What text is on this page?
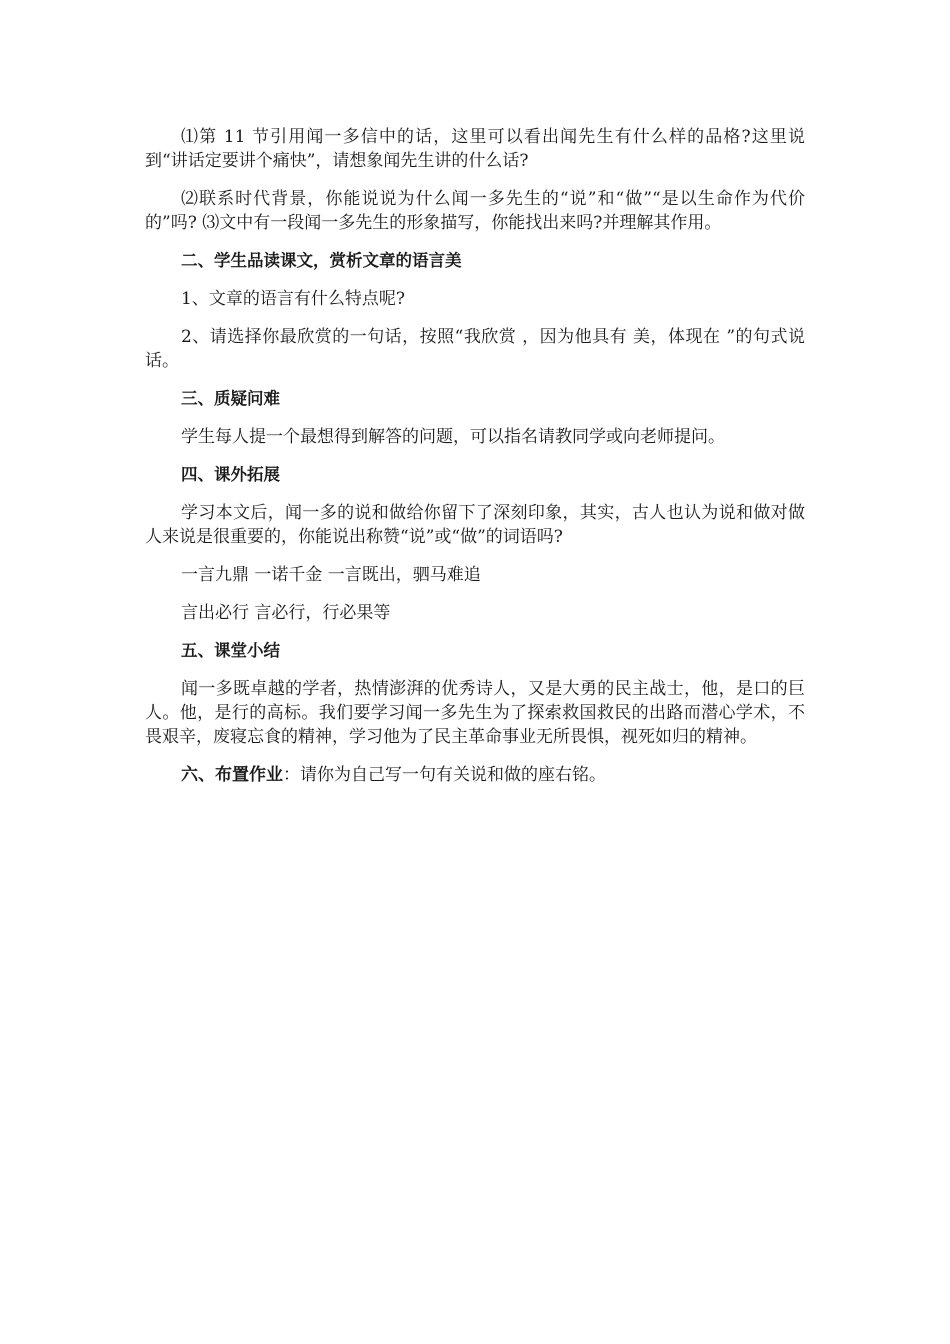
⑴第 11 节引用闻一多信中的话，这里可以看出闻先生有什么样的品格?这里说到“讲话定要讲个痛快”，请想象闻先生讲的什么话?

⑵联系时代背景，你能说说为什么闻一多先生的“说”和“做”“是以生命作为代价的”吗? ⑶文中有一段闻一多先生的形象描写，你能找出来吗?并理解其作用。

二、学生品读课文，赏析文章的语言美

1、文章的语言有什么特点呢?

2、请选择你最欣赏的一句话，按照“我欣赏 ，因为他具有 美，体现在 ”的句式说话。

三、质疑问难

学生每人提一个最想得到解答的问题，可以指名请教同学或向老师提问。

四、课外拓展

学习本文后，闻一多的说和做给你留下了深刻印象，其实，古人也认为说和做对做人来说是很重要的，你能说出称赞“说”或“做”的词语吗?

一言九鼎 一诺千金 一言既出，驷马难追

言出必行 言必行，行必果等

五、课堂小结

闻一多既卓越的学者，热情澎湃的优秀诗人，又是大勇的民主战士，他，是口的巨人。他，是行的高标。我们要学习闻一多先生为了探索救国救民的出路而潜心学术，不畏艰辛，废寝忘食的精神，学习他为了民主革命事业无所畏惧，视死如归的精神。

六、布置作业：请你为自己写一句有关说和做的座右铭。
